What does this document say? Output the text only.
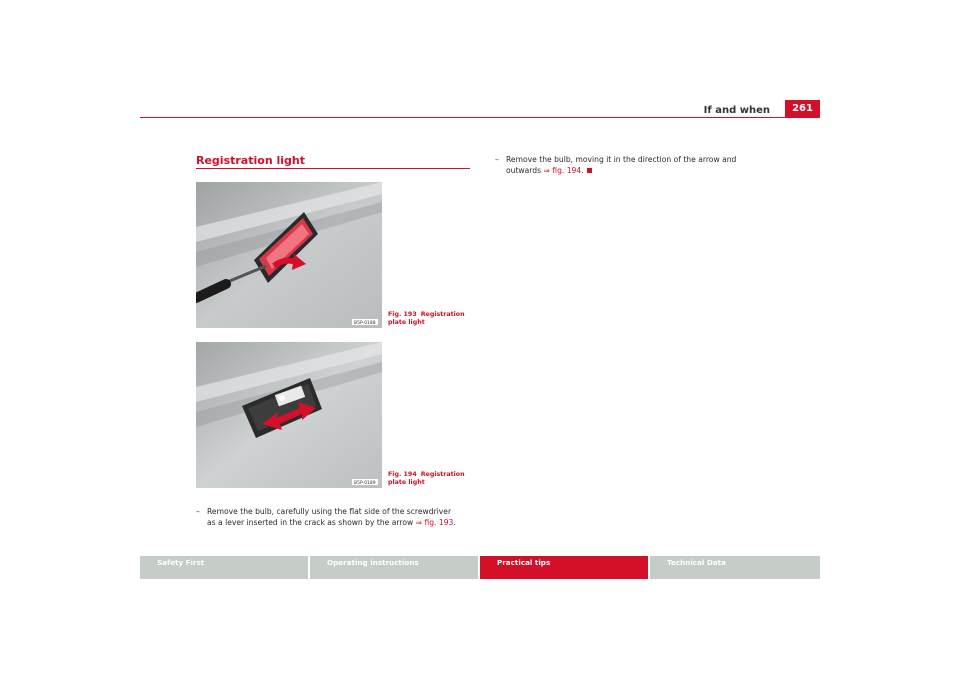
If and when	261
Registration light
B5P-0188
Fig. 193 Registration plate light
B5P-0189
Fig. 194 Registration plate light
– Remove the bulb, carefully using the flat side of the screwdriver
as a lever inserted in the crack as shown by the arrow ⇒ fig. 193.
– Remove the bulb, moving it in the direction of the arrow and
outwards ⇒ fig. 194.
Safety First	Operating instructions	Practical tips	Technical Data
